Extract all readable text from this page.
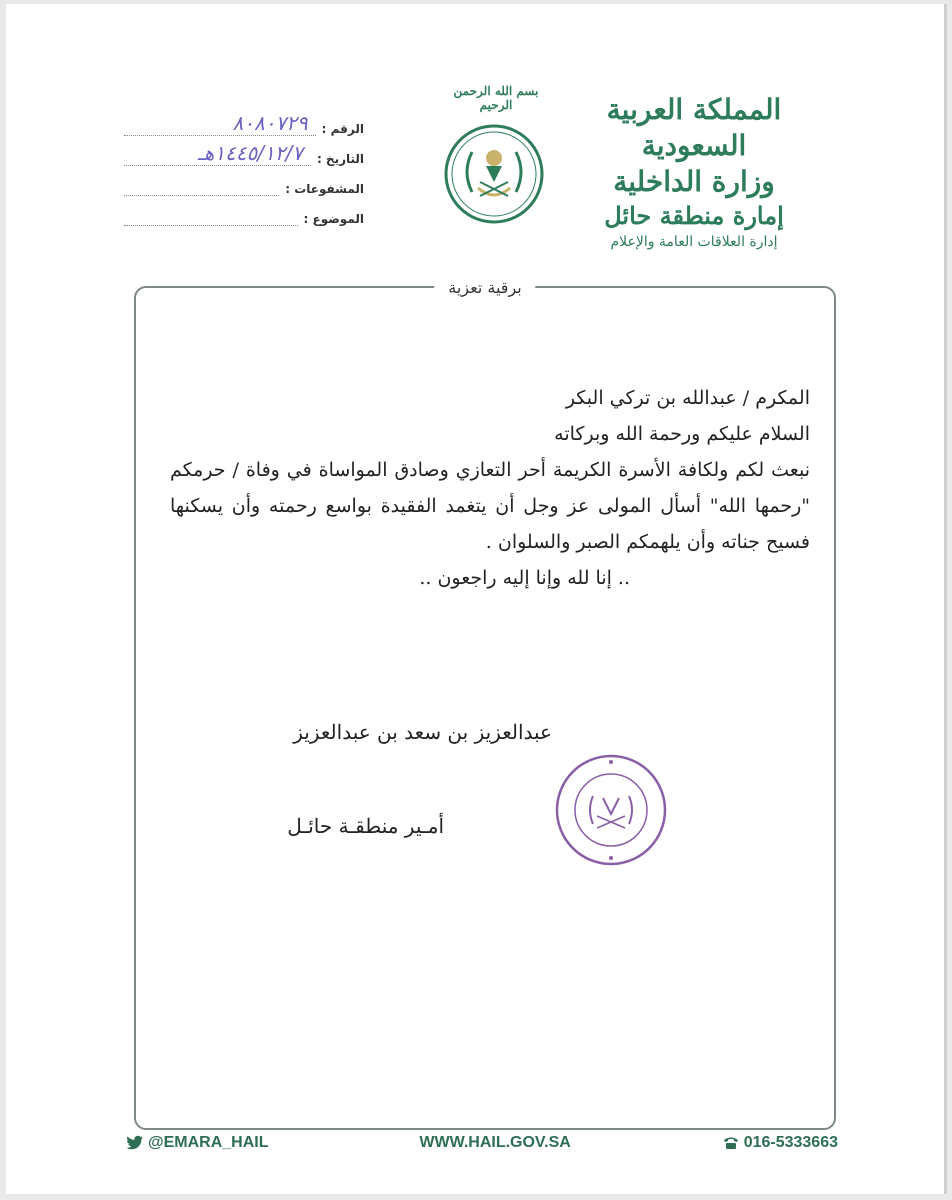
المملكة العربية السعودية
وزارة الداخلية
إمارة منطقة حائل
إدارة العلاقات العامة والإعلام
بسم الله الرحمن الرحيم
الرقم :
٨٠٨٠٧٢٩
التاريخ :
١٤٤٥/١٢/٧هـ
المشفوعات :
الموضوع :
برقية تعزية

المكرم / عبدالله بن تركي البكر

السلام عليكم ورحمة الله وبركاته

نبعث لكم ولكافة الأسرة الكريمة أحر التعازي وصادق المواساة في وفاة / حرمكم "رحمها الله" أسأل المولى عز وجل أن يتغمد الفقيدة بواسع رحمته وأن يسكنها فسيح جناته وأن يلهمكم الصبر والسلوان .

.. إنا لله وإنا إليه راجعون ..

عبدالعزيز بن سعد بن عبدالعزيز
أمـير منطقـة حائـل
@EMARA_HAIL	WWW.HAIL.GOV.SA	016-5333663
